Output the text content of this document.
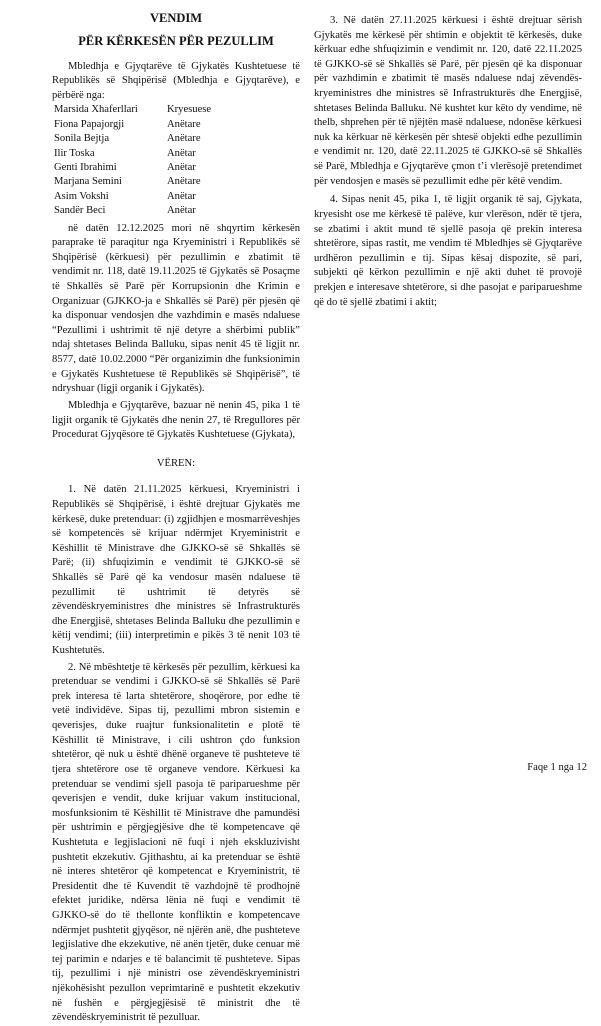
VENDIM

PËR KËRKESËN PËR PEZULLIM

Mbledhja e Gjyqtarëve të Gjykatës Kushtetuese të Republikës së Shqipërisë (Mbledhja e Gjyqtarëve), e përbërë nga:

Marsida Xhaferllari	Kryesuese
Fiona Papajorgji	Anëtare
Sonila Bejtja	Anëtare
Ilir Toska	Anëtar
Genti Ibrahimi	Anëtar
Marjana Semini	Anëtare
Asim Vokshi	Anëtar
Sandër Beci	Anëtar

në datën 12.12.2025 mori në shqyrtim kërkesën paraprake të paraqitur nga Kryeministri i Republikës së Shqipërisë (kërkuesi) për pezullimin e zbatimit të vendimit nr. 118, datë 19.11.2025 të Gjykatës së Posaçme të Shkallës së Parë për Korrupsionin dhe Krimin e Organizuar (GJKKO-ja e Shkallës së Parë) për pjesën që ka disponuar vendosjen dhe vazhdimin e masës ndaluese “Pezullimi i ushtrimit të një detyre a shërbimi publik” ndaj shtetases Belinda Balluku, sipas nenit 45 të ligjit nr. 8577, datë 10.02.2000 “Për organizimin dhe funksionimin e Gjykatës Kushtetuese të Republikës së Shqipërisë”, të ndryshuar (ligji organik i Gjykatës).

Mbledhja e Gjyqtarëve, bazuar në nenin 45, pika 1 të ligjit organik të Gjykatës dhe nenin 27, të Rregullores për Procedurat Gjyqësore të Gjykatës Kushtetuese (Gjykata),

VËREN:

1. Në datën 21.11.2025 kërkuesi, Kryeministri i Republikës së Shqipërisë, i është drejtuar Gjykatës me kërkesë, duke pretenduar: (i) zgjidhjen e mosmarrëveshjes së kompetencës së krijuar ndërmjet Kryeministrit e Këshillit të Ministrave dhe GJKKO-së së Shkallës së Parë; (ii) shfuqizimin e vendimit të GJKKO-së së Shkallës së Parë që ka vendosur masën ndaluese të pezullimit të ushtrimit të detyrës së zëvendëskryeministres dhe ministres së Infrastrukturës dhe Energjisë, shtetases Belinda Balluku dhe pezullimin e këtij vendimi; (iii) interpretimin e pikës 3 të nenit 103 të Kushtetutës.

2. Në mbështetje të kërkesës për pezullim, kërkuesi ka pretenduar se vendimi i GJKKO-së së Shkallës së Parë prek interesa të larta shtetërore, shoqërore, por edhe të vetë individëve. Sipas tij, pezullimi mbron sistemin e qeverisjes, duke ruajtur funksionalitetin e plotë të Këshillit të Ministrave, i cili ushtron çdo funksion shtetëror, që nuk u është dhënë organeve të pushteteve të tjera shtetërore ose të organeve vendore. Kërkuesi ka pretenduar se vendimi sjell pasoja të pariparueshme për qeverisjen e vendit, duke krijuar vakum institucional, mosfunksionim të Këshillit të Ministrave dhe pamundësi për ushtrimin e përgjegjësive dhe të kompetencave që Kushtetuta e legjislacioni në fuqi i njeh ekskluzivisht pushtetit ekzekutiv. Gjithashtu, ai ka pretenduar se është në interes shtetëror që kompetencat e Kryeministrit, të Presidentit dhe të Kuvendit të vazhdojnë të prodhojnë efektet juridike, ndërsa lënia në fuqi e vendimit të GJKKO-së do të thellonte konfliktin e kompetencave ndërmjet pushtetit gjyqësor, në njërën anë, dhe pushteteve legjislative dhe ekzekutive, në anën tjetër, duke cenuar më tej parimin e ndarjes e të balancimit të pushteteve. Sipas tij, pezullimi i një ministri ose zëvendëskryeministri njëkohësisht pezullon veprimtarinë e pushtetit ekzekutiv në fushën e përgjegjësisë të ministrit dhe të zëvendëskryeministrit të pezulluar.

3. Në datën 27.11.2025 kërkuesi i është drejtuar sërish Gjykatës me kërkesë për shtimin e objektit të kërkesës, duke kërkuar edhe shfuqizimin e vendimit nr. 120, datë 22.11.2025 të GJKKO-së së Shkallës së Parë, për pjesën që ka disponuar për vazhdimin e zbatimit të masës ndaluese ndaj zëvendës-kryeministres dhe ministres së Infrastrukturës dhe Energjisë, shtetases Belinda Balluku. Në kushtet kur këto dy vendime, në thelb, shprehen për të njëjtën masë ndaluese, ndonëse kërkuesi nuk ka kërkuar në kërkesën për shtesë objekti edhe pezullimin e vendimit nr. 120, datë 22.11.2025 të GJKKO-së së Shkallës së Parë, Mbledhja e Gjyqtarëve çmon t’i vlerësojë pretendimet për vendosjen e masës së pezullimit edhe për këtë vendim.

4. Sipas nenit 45, pika 1, të ligjit organik të saj, Gjykata, kryesisht ose me kërkesë të palëve, kur vlerëson, ndër të tjera, se zbatimi i aktit mund të sjellë pasoja që prekin interesa shtetërore, sipas rastit, me vendim të Mbledhjes së Gjyqtarëve urdhëron pezullimin e tij. Sipas kësaj dispozite, së pari, subjekti që kërkon pezullimin e një akti duhet të provojë prekjen e interesave shtetërore, si dhe pasojat e pariparueshme që do të sjellë zbatimi i aktit;

Faqe 1 nga 12
